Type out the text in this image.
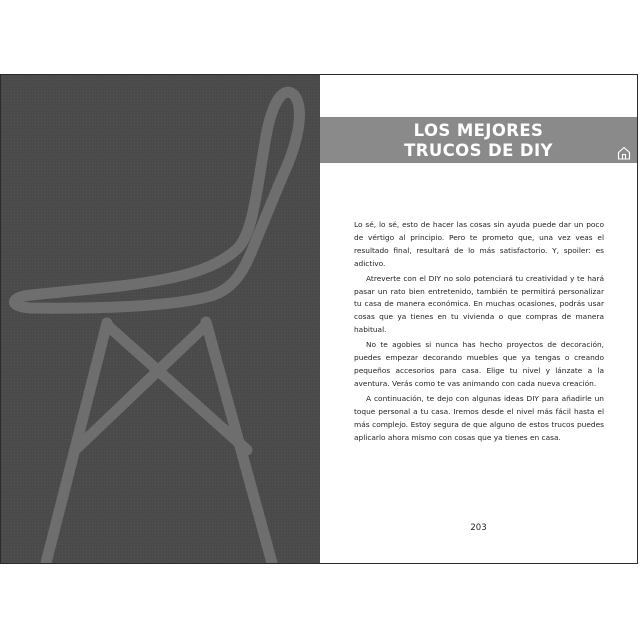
LOS MEJORES
TRUCOS DE DIY

Lo sé, lo sé, esto de hacer las cosas sin ayuda puede dar un poco de vértigo al principio. Pero te prometo que, una vez veas el resultado final, resultará de lo más satisfactorio. Y, spoiler: es adictivo.

Atreverte con el DIY no solo potenciará tu creatividad y te hará pasar un rato bien entretenido, también te permitirá personalizar tu casa de manera económica. En muchas ocasiones, podrás usar cosas que ya tienes en tu vivienda o que compras de manera habitual.

No te agobies si nunca has hecho proyectos de decoración, puedes empezar decorando muebles que ya tengas o creando pequeños accesorios para casa. Elige tu nivel y lánzate a la aventura. Verás como te vas animando con cada nueva creación.

A continuación, te dejo con algunas ideas DIY para añadirle un toque personal a tu casa. Iremos desde el nivel más fácil hasta el más complejo. Estoy segura de que alguno de estos trucos puedes aplicarlo ahora mismo con cosas que ya tienes en casa.

203
